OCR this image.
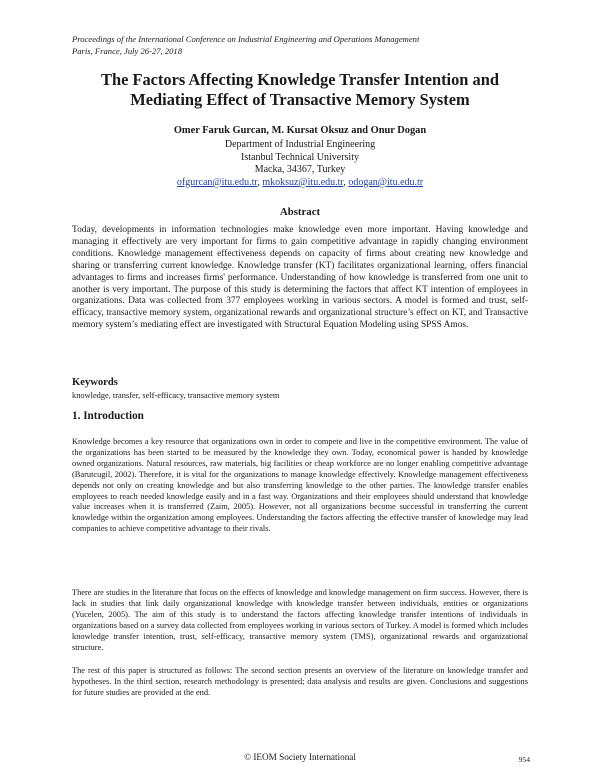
Proceedings of the International Conference on Industrial Engineering and Operations Management
Paris, France, July 26-27, 2018
The Factors Affecting Knowledge Transfer Intention and
Mediating Effect of Transactive Memory System
Omer Faruk Gurcan, M. Kursat Oksuz and Onur Dogan
Department of Industrial Engineering
Istanbul Technical University
Macka, 34367, Turkey
ofgurcan@itu.edu.tr, mkoksuz@itu.edu.tr, odogan@itu.edu.tr
Abstract
Today, developments in information technologies make knowledge even more important. Having knowledge and managing it effectively are very important for firms to gain competitive advantage in rapidly changing environment conditions. Knowledge management effectiveness depends on capacity of firms about creating new knowledge and sharing or transferring current knowledge. Knowledge transfer (KT) facilitates organizational learning, offers financial advantages to firms and increases firms' performance. Understanding of how knowledge is transferred from one unit to another is very important. The purpose of this study is determining the factors that affect KT intention of employees in organizations. Data was collected from 377 employees working in various sectors. A model is formed and trust, self-efficacy, transactive memory system, organizational rewards and organizational structure’s effect on KT, and Transactive memory system’s mediating effect are investigated with Structural Equation Modeling using SPSS Amos.
Keywords
knowledge, transfer, self-efficacy, transactive memory system
1. Introduction
Knowledge becomes a key resource that organizations own in order to compete and live in the competitive environment. The value of the organizations has been started to be measured by the knowledge they own. Today, economical power is handed by knowledge owned organizations. Natural resources, raw materials, big facilities or cheap workforce are no longer enabling competitive advantage (Barutcugil, 2002). Therefore, it is vital for the organizations to manage knowledge effectively. Knowledge management effectiveness depends not only on creating knowledge and but also transferring knowledge to the other parties. The knowledge transfer enables employees to reach needed knowledge easily and in a fast way. Organizations and their employees should understand that knowledge value increases when it is transferred (Zaim, 2005). However, not all organizations become successful in transferring the current knowledge within the organization among employees. Understanding the factors affecting the effective transfer of knowledge may lead companies to achieve competitive advantage to their rivals.
There are studies in the literature that focus on the effects of knowledge and knowledge management on firm success. However, there is lack in studies that link daily organizational knowledge with knowledge transfer between individuals, entities or organizations (Yucelen, 2005). The aim of this study is to understand the factors affecting knowledge transfer intentions of individuals in organizations based on a survey data collected from employees working in various sectors of Turkey. A model is formed which includes knowledge transfer intention, trust, self-efficacy, transactive memory system (TMS), organizational rewards and organizational structure.
The rest of this paper is structured as follows: The second section presents an overview of the literature on knowledge transfer and hypotheses. In the third section, research methodology is presented; data analysis and results are given. Conclusions and suggestions for future studies are provided at the end.
© IEOM Society International	954
